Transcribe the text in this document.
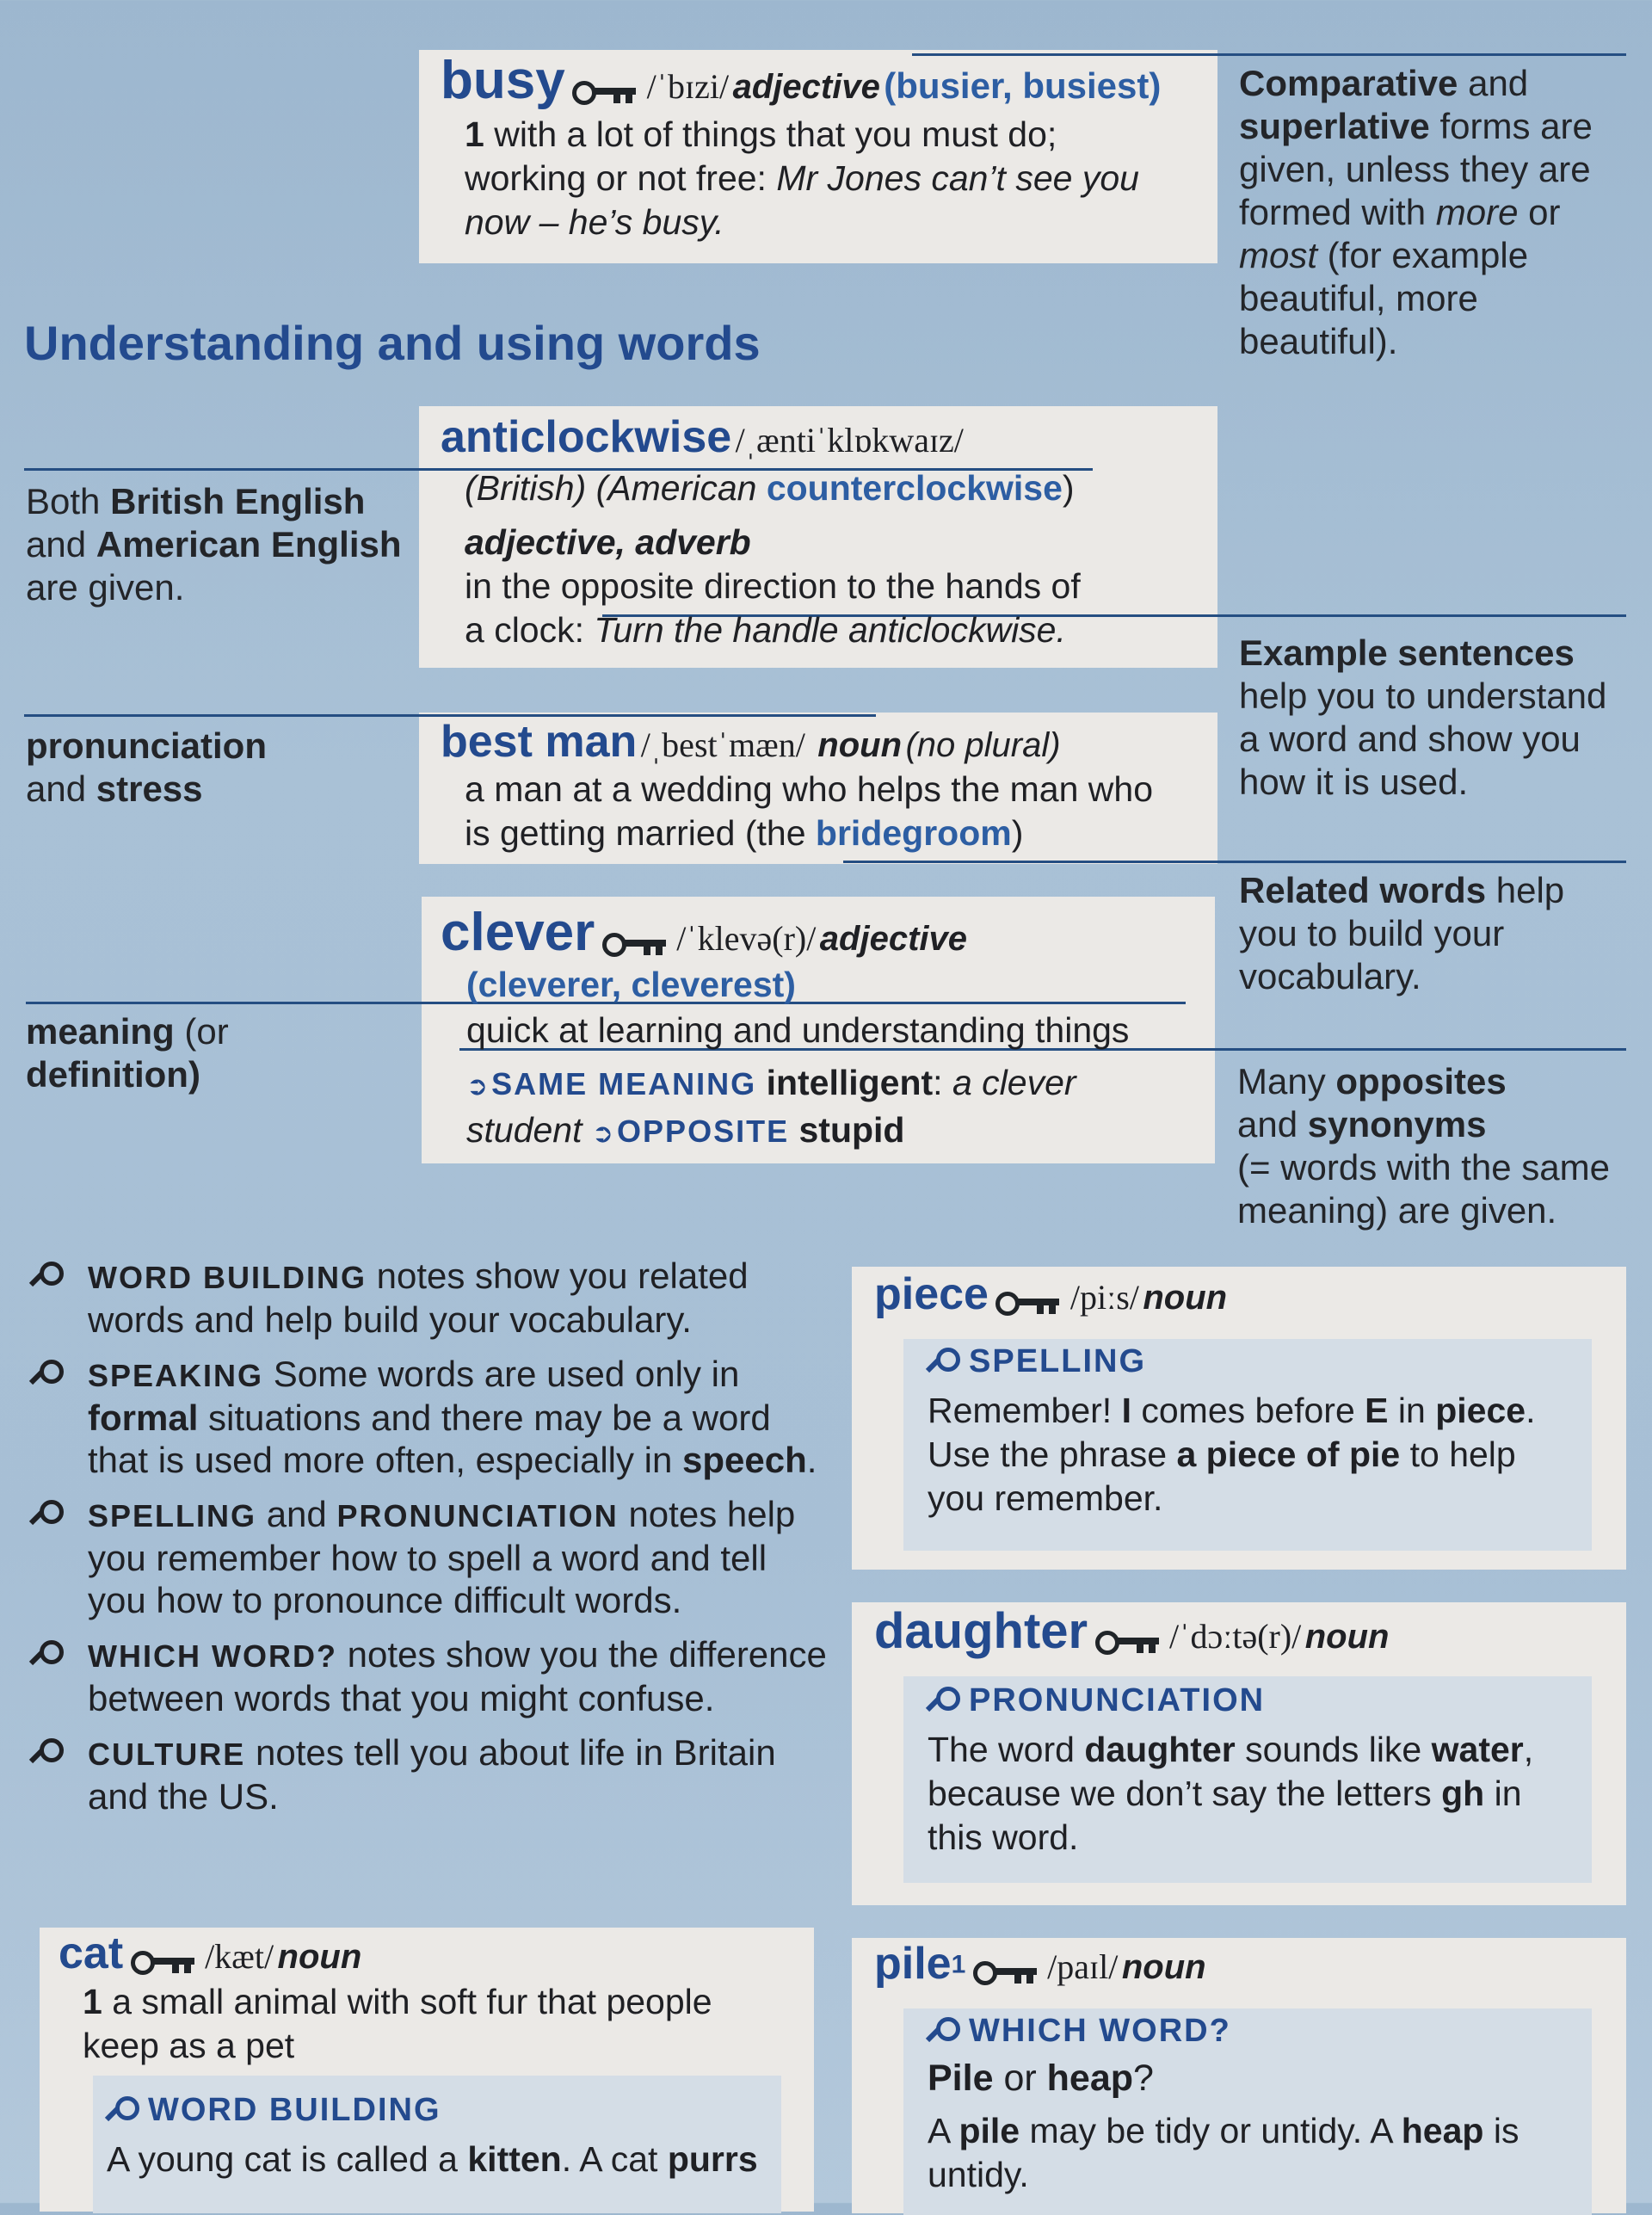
busy /ˈbɪzi/ adjective (busier, busiest)
1 with a lot of things that you must do;
working or not free: Mr Jones can’t see you
now – he’s busy.
Comparative and
superlative forms are
given, unless they are
formed with more or
most (for example
beautiful, more
beautiful).
Understanding and using words
anticlockwise /ˌæntiˈklɒkwaɪz/
(British) (American counterclockwise)
adjective, adverb
in the opposite direction to the hands of
a clock: Turn the handle anticlockwise.
Both British English
and American English
are given.
Example sentences
help you to understand
a word and show you
how it is used.
best man /ˌbestˈmæn/ noun (no plural)
a man at a wedding who helps the man who
is getting married (the bridegroom)
pronunciation
and stress
Related words help
you to build your
vocabulary.
clever /ˈklevə(r)/ adjective
(cleverer, cleverest)
quick at learning and understanding things
➲ SAME MEANING intelligent: a clever
student ➲ OPPOSITE stupid
meaning (or
definition)	Many opposites
and synonyms
(= words with the same
meaning) are given.
WORD BUILDING notes show you related words and help build your vocabulary.
SPEAKING Some words are used only in formal situations and there may be a word that is used more often, especially in speech.
SPELLING and PRONUNCIATION notes help you remember how to spell a word and tell you how to pronounce difficult words.
WHICH WORD? notes show you the difference between words that you might confuse.
CULTURE notes tell you about life in Britain and the US.
piece /piːs/ noun
SPELLING
Remember! I comes before E in piece.
Use the phrase a piece of pie to help
you remember.
daughter /ˈdɔːtə(r)/ noun
PRONUNCIATION
The word daughter sounds like water,
because we don’t say the letters gh in
this word.
cat /kæt/ noun
1 a small animal with soft fur that people
keep as a pet
WORD BUILDING
A young cat is called a kitten. A cat purrs
pile$^1$ /paɪl/ noun
WHICH WORD?
Pile or heap?
A pile may be tidy or untidy. A heap is
untidy.
